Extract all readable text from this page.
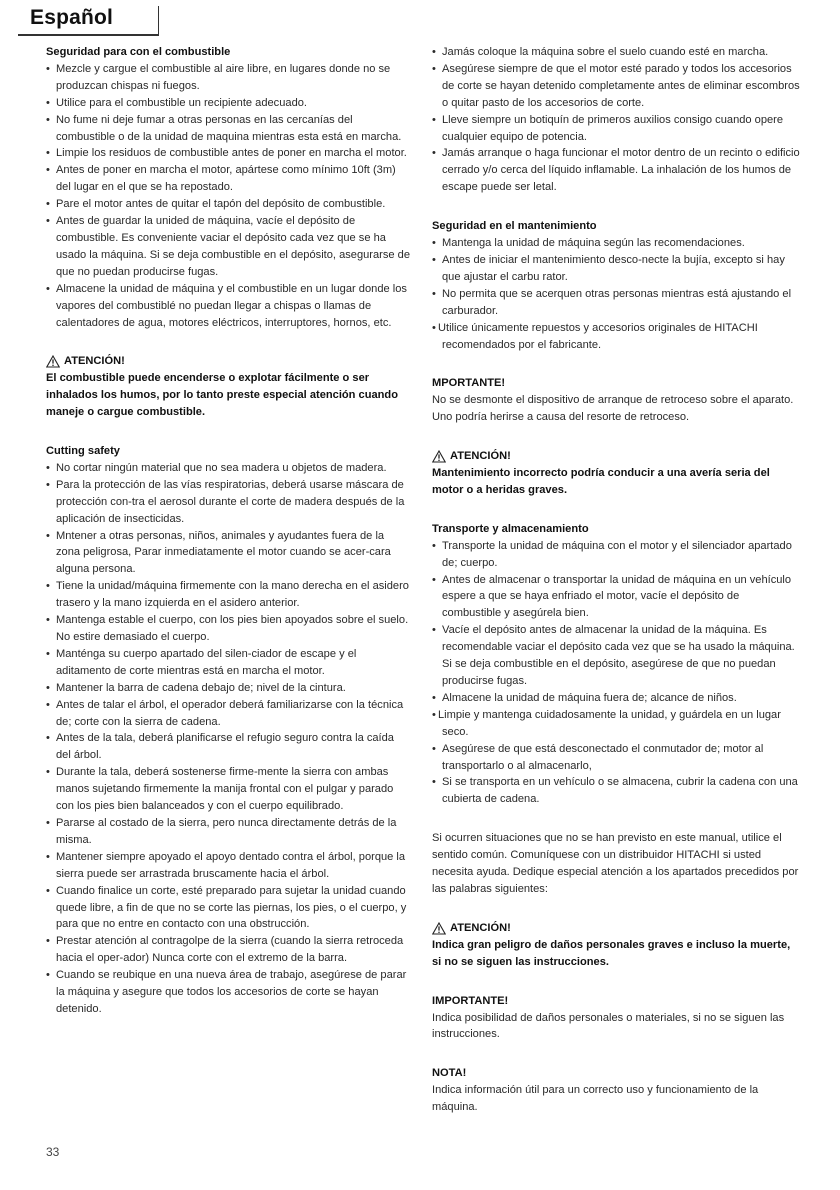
Español
Seguridad para con el combustible
• Mezcle y cargue el combustible al aire libre, en lugares donde no se produzcan chispas ni fuegos.
• Utilice para el combustible un recipiente adecuado.
• No fume ni deje fumar a otras personas en las cercanías del combustible o de la unidad de maquina mientras esta está en marcha.
• Limpie los residuos de combustible antes de poner en marcha el motor.
• Antes de poner en marcha el motor, apártese como mínimo 10ft (3m) del lugar en el que se ha repostado.
• Pare el motor antes de quitar el tapón del depósito de combustible.
• Antes de guardar la unided de máquina, vacíe el depósito de combustible. Es conveniente vaciar el depósito cada vez que se ha usado la máquina. Si se deja combustible en el depósito, asegurarse de que no puedan producirse fugas.
• Almacene la unidad de máquina y el combustible en un lugar donde los vapores del combustiblé no puedan llegar a chispas o llamas de calentadores de agua, motores eléctricos, interruptores, hornos, etc.
ATENCIÓN!
El combustible puede encenderse o explotar fácilmente o ser inhalados los humos, por lo tanto preste especial atención cuando maneje o cargue combustible.
Cutting safety
• No cortar ningún material que no sea madera u objetos de madera.
• Para la protección de las vías respiratorias, deberá usarse máscara de protección con-tra el aerosol durante el corte de madera después de la aplicación de insecticidas.
• Mntener a otras personas, niños, animales y ayudantes fuera de la zona peligrosa, Parar inmediatamente el motor cuando se acer-cara alguna persona.
• Tiene la unidad/máquina firmemente con la mano derecha en el asidero trasero y la mano izquierda en el asidero anterior.
• Mantenga estable el cuerpo, con los pies bien apoyados sobre el suelo. No estire demasiado el cuerpo.
• Manténga su cuerpo apartado del silen-ciador de escape y el aditamento de corte mientras está en marcha el motor.
• Mantener la barra de cadena debajo de; nivel de la cintura.
• Antes de talar el árbol, el operador deberá familiarizarse con la técnica de; corte con la sierra de cadena.
• Antes de la tala, deberá planificarse el refugio seguro contra la caída del árbol.
• Durante la tala, deberá sostenerse firme-mente la sierra con ambas manos sujetando firmemente la manija frontal con el pulgar y parado con los pies bien balanceados y con el cuerpo equilibrado.
• Pararse al costado de la sierra, pero nunca directamente detrás de la misma.
• Mantener siempre apoyado el apoyo dentado contra el árbol, porque la sierra puede ser arrastrada bruscamente hacia el árbol.
• Cuando finalice un corte, esté preparado para sujetar la unidad cuando quede libre, a fin de que no se corte las piernas, los pies, o el cuerpo, y para que no entre en contacto con una obstrucción.
• Prestar atención al contragolpe de la sierra (cuando la sierra retroceda hacia el oper-ador) Nunca corte con el extremo de la barra.
• Cuando se reubique en una nueva área de trabajo, asegúrese de parar la máquina y asegure que todos los accesorios de corte se hayan detenido.
• Jamás coloque la máquina sobre el suelo cuando esté en marcha.
• Asegúrese siempre de que el motor esté parado y todos los accesorios de corte se hayan detenido completamente antes de eliminar escombros o quitar pasto de los accesorios de corte.
• Lleve siempre un botiquín de primeros auxilios consigo cuando opere cualquier equipo de potencia.
• Jamás arranque o haga funcionar el motor dentro de un recinto o edificio cerrado y/o cerca del líquido inflamable. La inhalación de los humos de escape puede ser letal.
Seguridad en el mantenimiento
• Mantenga la unidad de máquina según las recomendaciones.
• Antes de iniciar el mantenimiento desco-necte la bujía, excepto si hay que ajustar el carbu rator.
• No permita que se acerquen otras personas mientras está ajustando el carburador.
• Utilice únicamente repuestos y accesorios originales de HITACHI recomendados por el fabricante.
MPORTANTE!
No se desmonte el dispositivo de arranque de retroceso sobre el aparato. Uno podría herirse a causa del resorte de retroceso.
ATENCIÓN!
Mantenimiento incorrecto podría conducir a una avería seria del motor o a heridas graves.
Transporte y almacenamiento
• Transporte la unidad de máquina con el motor y el silenciador apartado de; cuerpo.
• Antes de almacenar o transportar la unidad de máquina en un vehículo espere a que se haya enfriado el motor, vacíe el depósito de combustible y asegúrela bien.
• Vacíe el depósito antes de almacenar la unidad de la máquina. Es recomendable vaciar el depósito cada vez que se ha usado la máquina. Si se deja combustible en el depósito, asegúrese de que no puedan producirse fugas.
• Almacene la unidad de máquina fuera de; alcance de niños.
• Limpie y mantenga cuidadosamente la unidad, y guárdela en un lugar seco.
• Asegúrese de que está desconectado el conmutador de; motor al transportarlo o al almacenarlo,
• Si se transporta en un vehículo o se almacena, cubrir la cadena con una cubierta de cadena.
Si ocurren situaciones que no se han previsto en este manual, utilice el sentido común. Comuníquese con un distribuidor HITACHI si usted necesita ayuda. Dedique especial atención a los apartados precedidos por las palabras siguientes:
ATENCIÓN!
Indica gran peligro de daños personales graves e incluso la muerte, si no se siguen las instrucciones.
IMPORTANTE!
Indica posibilidad de daños personales o materiales, si no se siguen las instrucciones.
NOTA!
Indica información útil para un correcto uso y funcionamiento de la máquina.
33
